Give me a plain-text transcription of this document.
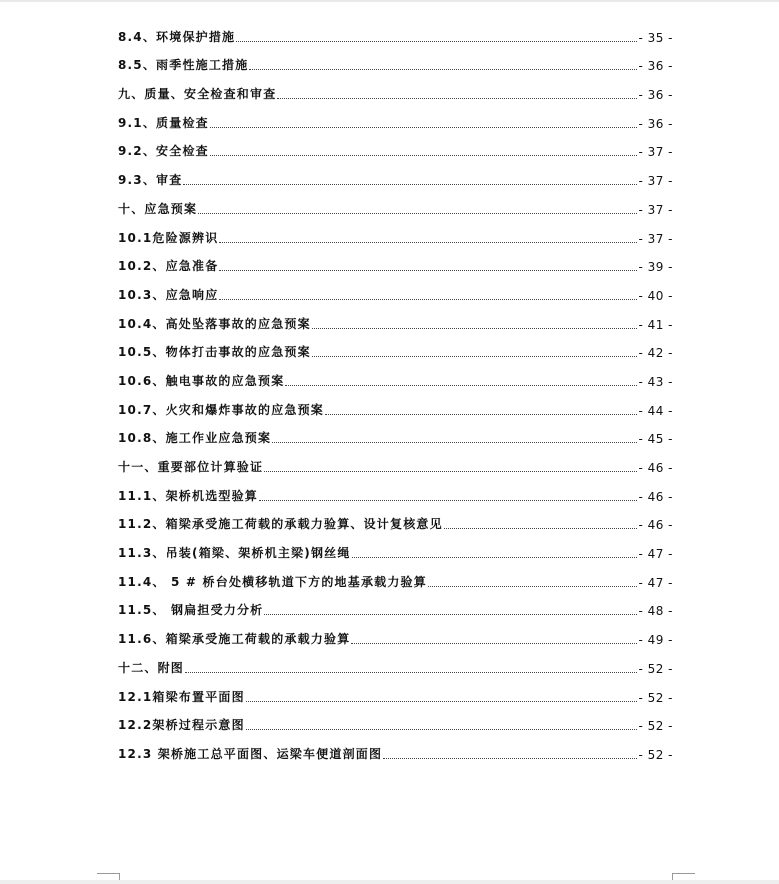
8.4、环境保护措施	- 35 -
8.5、雨季性施工措施	- 36 -
九、质量、安全检查和审查	- 36 -
9.1、质量检查	- 36 -
9.2、安全检查	- 37 -
9.3、审查	- 37 -
十、应急预案	- 37 -
10.1危险源辨识	- 37 -
10.2、应急准备	- 39 -
10.3、应急响应	- 40 -
10.4、高处坠落事故的应急预案	- 41 -
10.5、物体打击事故的应急预案	- 42 -
10.6、触电事故的应急预案	- 43 -
10.7、火灾和爆炸事故的应急预案	- 44 -
10.8、施工作业应急预案	- 45 -
十一、重要部位计算验证	- 46 -
11.1、架桥机选型验算	- 46 -
11.2、箱梁承受施工荷载的承载力验算、设计复核意见	- 46 -
11.3、吊装(箱梁、架桥机主梁)钢丝绳	- 47 -
11.4、 5 # 桥台处横移轨道下方的地基承载力验算	- 47 -
11.5、 钢扁担受力分析	- 48 -
11.6、箱梁承受施工荷载的承载力验算	- 49 -
十二、附图	- 52 -
12.1箱梁布置平面图	- 52 -
12.2架桥过程示意图	- 52 -
12.3 架桥施工总平面图、运梁车便道剖面图	- 52 -
